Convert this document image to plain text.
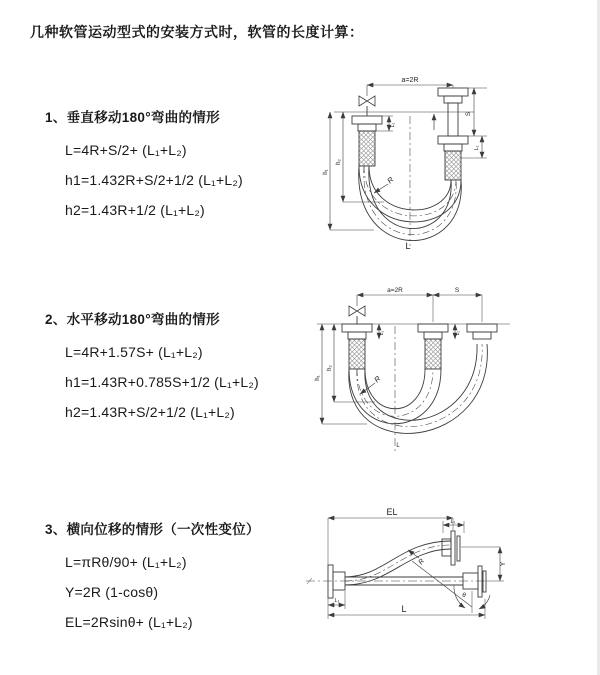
几种软管运动型式的安装方式时，软管的长度计算：
1、垂直移动180°弯曲的情形
L=4R+S/2+ (L₁+L₂)
h1=1.432R+S/2+1/2 (L₁+L₂)
h2=1.43R+1/2 (L₁+L₂)
2、水平移动180°弯曲的情形
L=4R+1.57S+ (L₁+L₂)
h1=1.43R+0.785S+1/2 (L₁+L₂)
h2=1.43R+S/2+1/2 (L₁+L₂)
3、横向位移的情形（一次性变位）
L=πRθ/90+ (L₁+L₂)
Y=2R (1-cosθ)
EL=2Rsinθ+ (L₁+L₂)
a=2R
L₁
S
L₁
h₁
h₂
R
L
a=2R	S
L₁	L₁
h₁
h₂
R
L
EL
L₁
Y
R
θ
L₁
L
